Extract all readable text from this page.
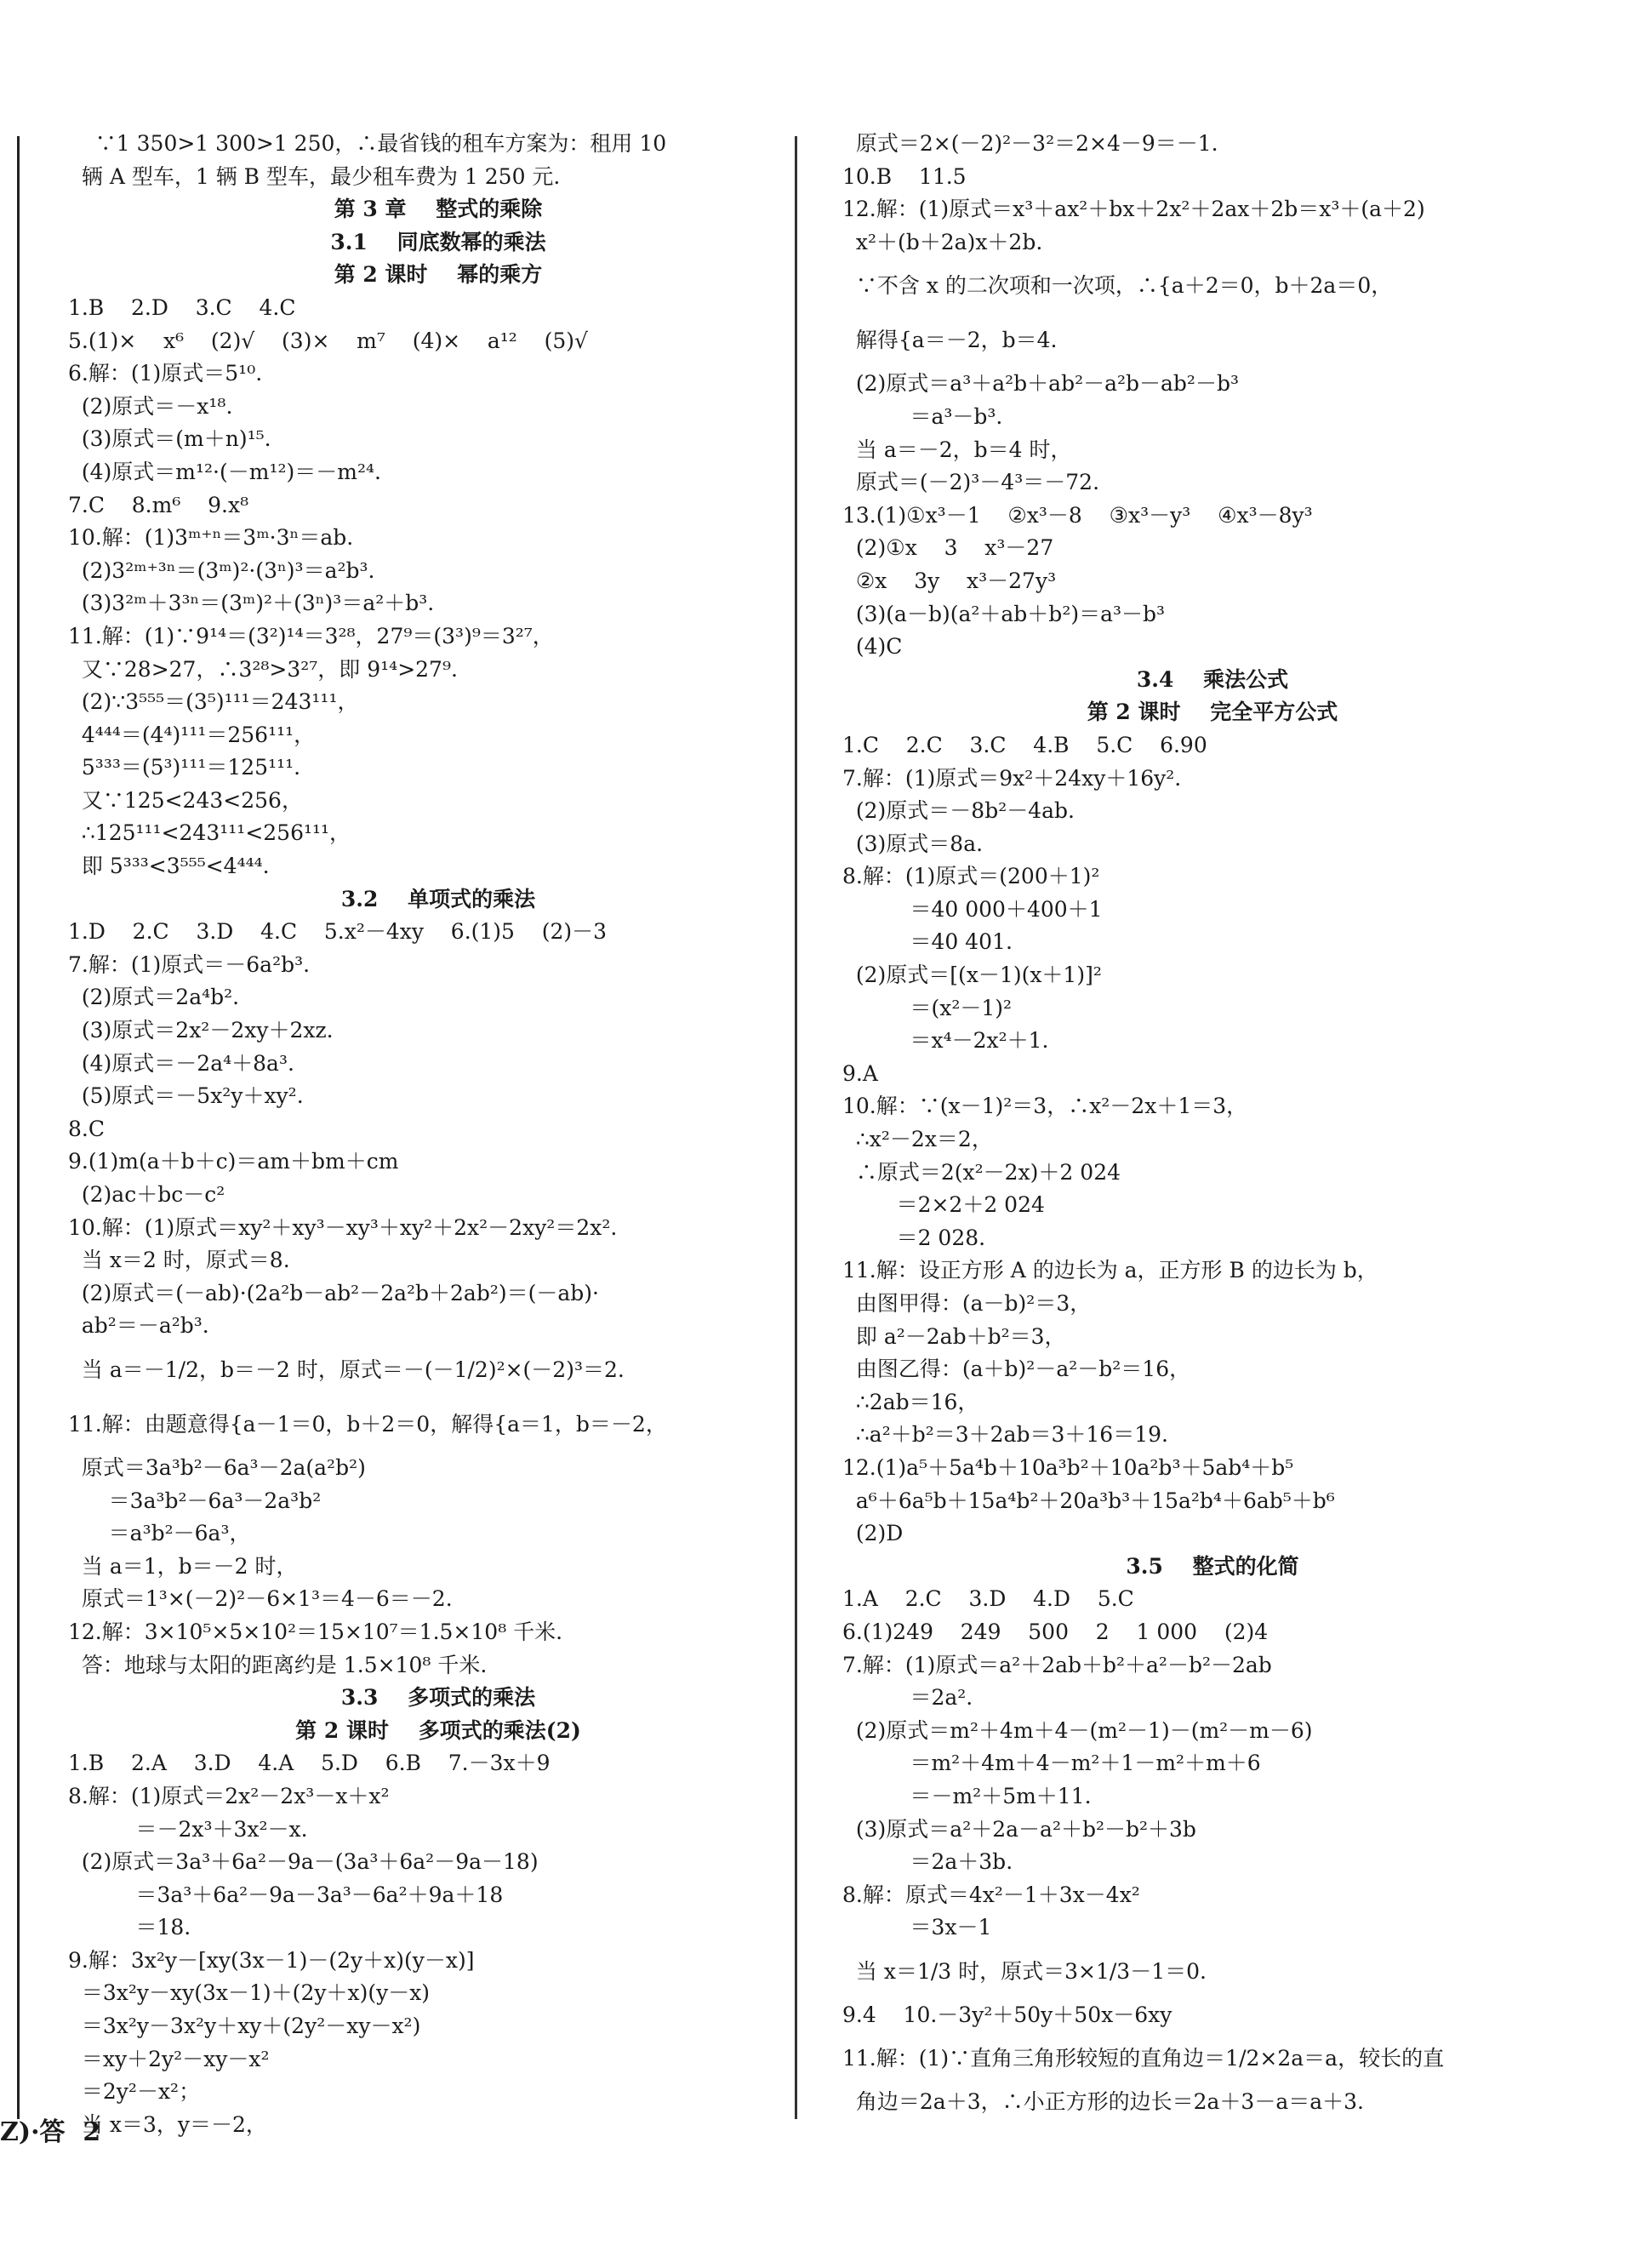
∵1 350>1 300>1 250，∴最省钱的租车方案为：租用 10
辆 A 型车，1 辆 B 型车，最少租车费为 1 250 元.
第 3 章    整式的乘除
3.1    同底数幂的乘法
第 2 课时    幂的乘方
1.B    2.D    3.C    4.C
5.(1)×    x⁶    (2)√    (3)×    m⁷    (4)×    a¹²    (5)√
6.解：(1)原式＝5¹⁰.
(2)原式＝－x¹⁸.
(3)原式＝(m＋n)¹⁵.
(4)原式＝m¹²·(－m¹²)＝－m²⁴.
7.C    8.m⁶    9.x⁸
10.解：(1)3ᵐ⁺ⁿ＝3ᵐ·3ⁿ＝ab.
(2)3²ᵐ⁺³ⁿ＝(3ᵐ)²·(3ⁿ)³＝a²b³.
(3)3²ᵐ＋3³ⁿ＝(3ᵐ)²＋(3ⁿ)³＝a²＋b³.
11.解：(1)∵9¹⁴＝(3²)¹⁴＝3²⁸，27⁹＝(3³)⁹＝3²⁷，
又∵28>27，∴3²⁸>3²⁷，即 9¹⁴>27⁹.
(2)∵3⁵⁵⁵＝(3⁵)¹¹¹＝243¹¹¹，
4⁴⁴⁴＝(4⁴)¹¹¹＝256¹¹¹，
5³³³＝(5³)¹¹¹＝125¹¹¹.
又∵125<243<256，
∴125¹¹¹<243¹¹¹<256¹¹¹，
即 5³³³<3⁵⁵⁵<4⁴⁴⁴.
3.2    单项式的乘法
1.D    2.C    3.D    4.C    5.x²－4xy    6.(1)5    (2)－3
7.解：(1)原式＝－6a²b³.
(2)原式＝2a⁴b².
(3)原式＝2x²－2xy＋2xz.
(4)原式＝－2a⁴＋8a³.
(5)原式＝－5x²y＋xy².
8.C
9.(1)m(a＋b＋c)＝am＋bm＋cm
(2)ac＋bc－c²
10.解：(1)原式＝xy²＋xy³－xy³＋xy²＋2x²－2xy²＝2x².
当 x＝2 时，原式＝8.
(2)原式＝(－ab)·(2a²b－ab²－2a²b＋2ab²)＝(－ab)·
ab²＝－a²b³.
当 a＝－1/2，b＝－2 时，原式＝－(－1/2)²×(－2)³＝2.
11.解：由题意得{a－1＝0，b＋2＝0，解得{a＝1，b＝－2，
原式＝3a³b²－6a³－2a(a²b²)
＝3a³b²－6a³－2a³b²
＝a³b²－6a³，
当 a＝1，b＝－2 时，
原式＝1³×(－2)²－6×1³＝4－6＝－2.
12.解：3×10⁵×5×10²＝15×10⁷＝1.5×10⁸ 千米.
答：地球与太阳的距离约是 1.5×10⁸ 千米.
3.3    多项式的乘法
第 2 课时    多项式的乘法(2)
1.B    2.A    3.D    4.A    5.D    6.B    7.－3x＋9
8.解：(1)原式＝2x²－2x³－x＋x²
＝－2x³＋3x²－x.
(2)原式＝3a³＋6a²－9a－(3a³＋6a²－9a－18)
＝3a³＋6a²－9a－3a³－6a²＋9a＋18
＝18.
9.解：3x²y－[xy(3x－1)－(2y＋x)(y－x)]
＝3x²y－xy(3x－1)＋(2y＋x)(y－x)
＝3x²y－3x²y＋xy＋(2y²－xy－x²)
＝xy＋2y²－xy－x²
＝2y²－x²；
当 x＝3，y＝－2，
原式＝2×(－2)²－3²＝2×4－9＝－1.
10.B    11.5
12.解：(1)原式＝x³＋ax²＋bx＋2x²＋2ax＋2b＝x³＋(a＋2)
x²＋(b＋2a)x＋2b.
∵不含 x 的二次项和一次项，∴{a＋2＝0，b＋2a＝0，
解得{a＝－2，b＝4.
(2)原式＝a³＋a²b＋ab²－a²b－ab²－b³
＝a³－b³.
当 a＝－2，b＝4 时，
原式＝(－2)³－4³＝－72.
13.(1)①x³－1    ②x³－8    ③x³－y³    ④x³－8y³
(2)①x    3    x³－27
②x    3y    x³－27y³
(3)(a－b)(a²＋ab＋b²)＝a³－b³
(4)C
3.4    乘法公式
第 2 课时    完全平方公式
1.C    2.C    3.C    4.B    5.C    6.90
7.解：(1)原式＝9x²＋24xy＋16y².
(2)原式＝－8b²－4ab.
(3)原式＝8a.
8.解：(1)原式＝(200＋1)²
＝40 000＋400＋1
＝40 401.
(2)原式＝[(x－1)(x＋1)]²
＝(x²－1)²
＝x⁴－2x²＋1.
9.A
10.解：∵(x－1)²＝3，∴x²－2x＋1＝3，
∴x²－2x＝2，
∴原式＝2(x²－2x)＋2 024
＝2×2＋2 024
＝2 028.
11.解：设正方形 A 的边长为 a，正方形 B 的边长为 b，
由图甲得：(a－b)²＝3，
即 a²－2ab＋b²＝3，
由图乙得：(a＋b)²－a²－b²＝16，
∴2ab＝16，
∴a²＋b²＝3＋2ab＝3＋16＝19.
12.(1)a⁵＋5a⁴b＋10a³b²＋10a²b³＋5ab⁴＋b⁵
a⁶＋6a⁵b＋15a⁴b²＋20a³b³＋15a²b⁴＋6ab⁵＋b⁶
(2)D
3.5    整式的化简
1.A    2.C    3.D    4.D    5.C
6.(1)249    249    500    2    1 000    (2)4
7.解：(1)原式＝a²＋2ab＋b²＋a²－b²－2ab
＝2a².
(2)原式＝m²＋4m＋4－(m²－1)－(m²－m－6)
＝m²＋4m＋4－m²＋1－m²＋m＋6
＝－m²＋5m＋11.
(3)原式＝a²＋2a－a²＋b²－b²＋3b
＝2a＋3b.
8.解：原式＝4x²－1＋3x－4x²
＝3x－1
当 x＝1/3 时，原式＝3×1/3－1＝0.
9.4    10.－3y²＋50y＋50x－6xy
11.解：(1)∵直角三角形较短的直角边＝1/2×2a＝a，较长的直
角边＝2a＋3，∴小正方形的边长＝2a＋3－a＝a＋3.
Z)·答  2
